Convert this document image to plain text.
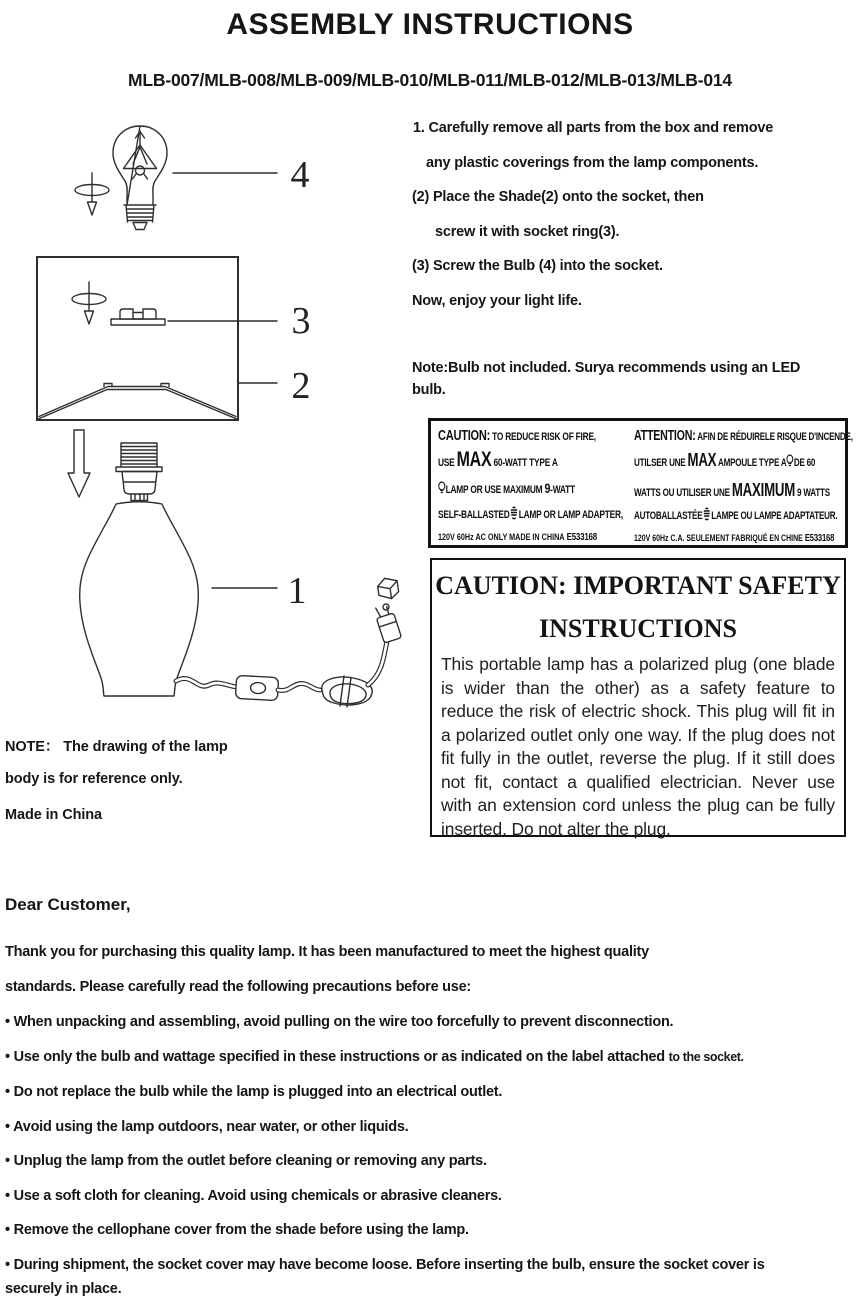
ASSEMBLY INSTRUCTIONS
MLB-007/MLB-008/MLB-009/MLB-010/MLB-011/MLB-012/MLB-013/MLB-014
4
3
2
1
1. Carefully remove all parts from the box and remove
any plastic coverings from the lamp components.
(2) Place the Shade(2) onto the socket, then
screw it with socket ring(3).
(3) Screw the Bulb (4) into the socket.
Now, enjoy your light life.
Note:Bulb not included. Surya recommends using an LED
bulb.
CAUTION: TO REDUCE RISK OF FIRE,
USE MAX 60-WATT TYPE A
LAMP OR USE MAXIMUM 9-WATT
SELF-BALLASTED LAMP OR LAMP ADAPTER,
120V 60Hz AC ONLY MADE IN CHINA E533168
ATTENTION: AFIN DE RÉDUIRELE RISQUE D'INCENDE,
UTILSER UNE MAX AMPOULE TYPE A DE 60
WATTS OU UTILISER UNE MAXIMUM 9 WATTS
AUTOBALLASTÉE LAMPE OU LAMPE ADAPTATEUR.
120V 60Hz C.A. SEULEMENT FABRIQUÉ EN CHINE E533168
CAUTION: IMPORTANT SAFETY
INSTRUCTIONS
This portable lamp has a polarized plug (one blade is wider than the other) as a safety feature to reduce the risk of electric shock. This plug will fit in a polarized outlet only one way. If the plug does not fit fully in the outlet, reverse the plug. If it still does not fit, contact a qualified electrician. Never use with an extension cord unless the plug can be fully inserted. Do not alter the plug.
NOTE： The drawing of the lamp
body is for reference only.
Made in China
Dear Customer,
Thank you for purchasing this quality lamp. It has been manufactured to meet the highest quality
standards. Please carefully read the following precautions before use:
• When unpacking and assembling, avoid pulling on the wire too forcefully to prevent disconnection.
• Use only the bulb and wattage specified in these instructions or as indicated on the label attached to the socket.
• Do not replace the bulb while the lamp is plugged into an electrical outlet.
• Avoid using the lamp outdoors, near water, or other liquids.
• Unplug the lamp from the outlet before cleaning or removing any parts.
• Use a soft cloth for cleaning. Avoid using chemicals or abrasive cleaners.
• Remove the cellophane cover from the shade before using the lamp.
• During shipment, the socket cover may have become loose. Before inserting the bulb, ensure the socket cover is
securely in place.
